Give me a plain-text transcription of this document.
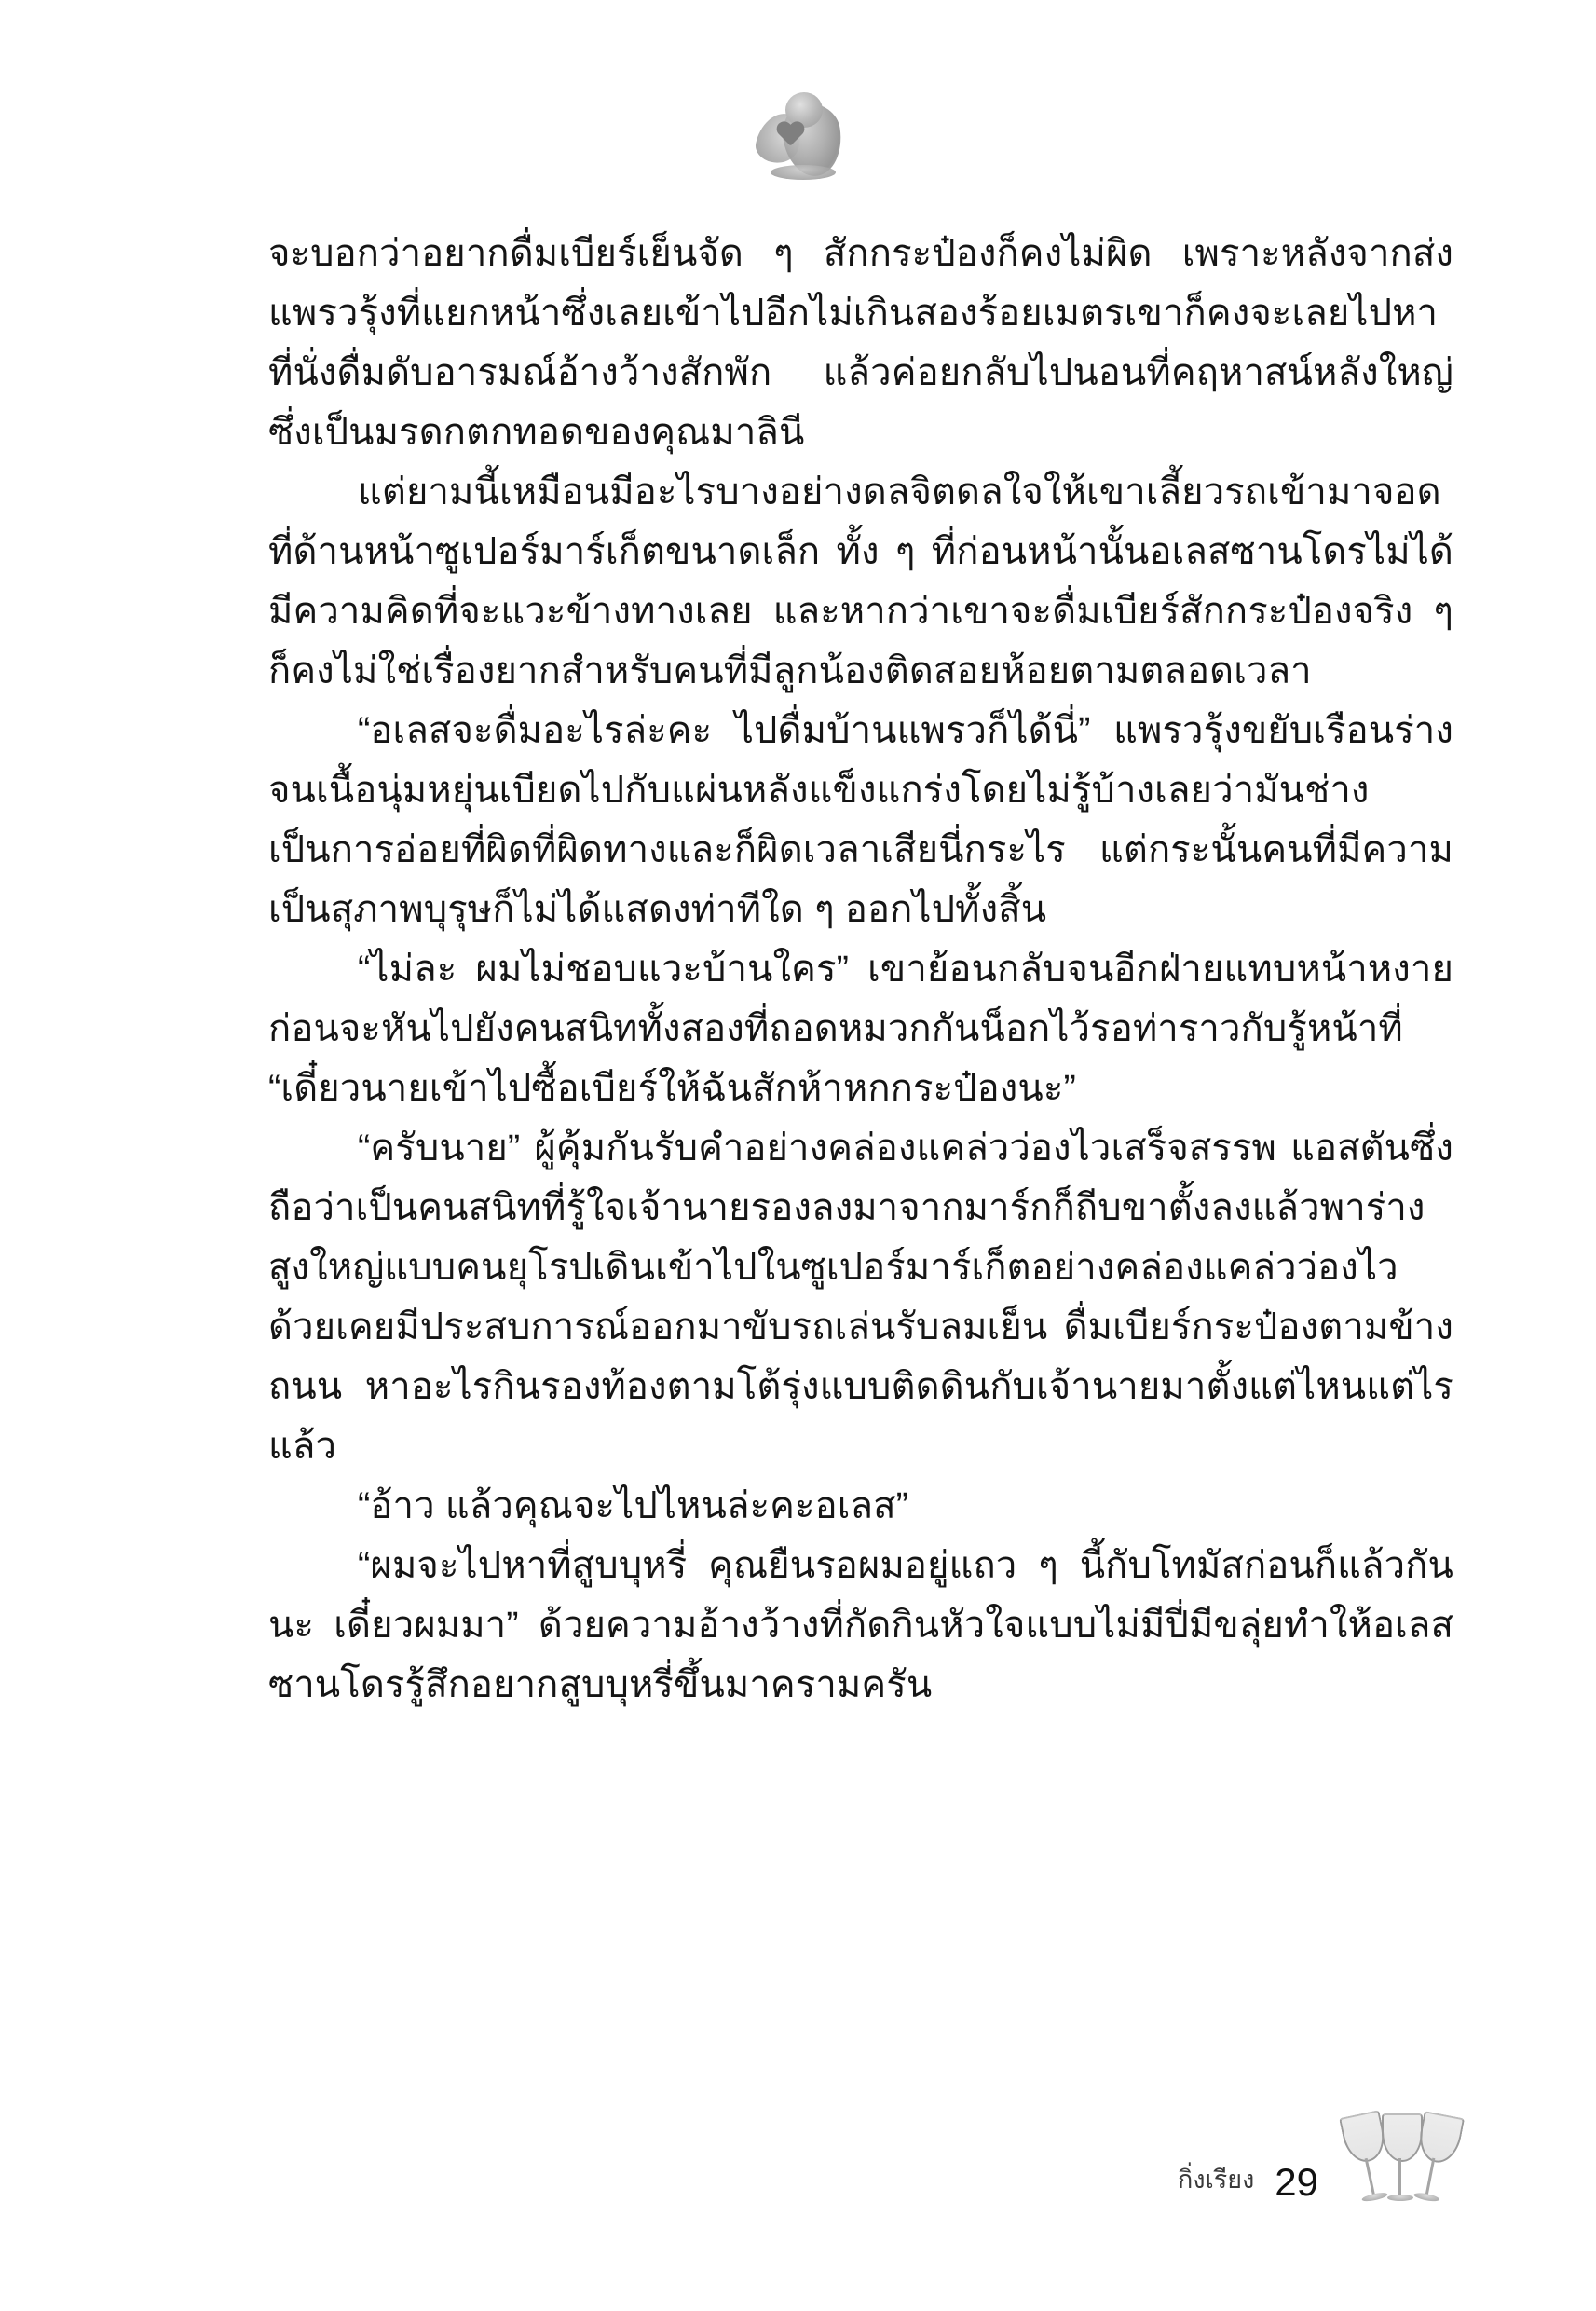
จะบอกว่าอยากดื่มเบียร์เย็นจัด ๆ สักกระป๋องก็คงไม่ผิด เพราะหลังจากส่งแพรวรุ้งที่แยกหน้าซึ่งเลยเข้าไปอีกไม่เกินสองร้อยเมตรเขาก็คงจะเลยไปหาที่นั่งดื่มดับอารมณ์อ้างว้างสักพัก แล้วค่อยกลับไปนอนที่คฤหาสน์หลังใหญ่ซึ่งเป็นมรดกตกทอดของคุณมาลินี

แต่ยามนี้เหมือนมีอะไรบางอย่างดลจิตดลใจให้เขาเลี้ยวรถเข้ามาจอดที่ด้านหน้าซูเปอร์มาร์เก็ตขนาดเล็ก ทั้ง ๆ ที่ก่อนหน้านั้นอเลสซานโดรไม่ได้มีความคิดที่จะแวะข้างทางเลย และหากว่าเขาจะดื่มเบียร์สักกระป๋องจริง ๆ ก็คงไม่ใช่เรื่องยากสำหรับคนที่มีลูกน้องติดสอยห้อยตามตลอดเวลา

“อเลสจะดื่มอะไรล่ะคะ ไปดื่มบ้านแพรวก็ได้นี่” แพรวรุ้งขยับเรือนร่างจนเนื้อนุ่มหยุ่นเบียดไปกับแผ่นหลังแข็งแกร่งโดยไม่รู้บ้างเลยว่ามันช่างเป็นการอ่อยที่ผิดที่ผิดทางและก็ผิดเวลาเสียนี่กระไร แต่กระนั้นคนที่มีความเป็นสุภาพบุรุษก็ไม่ได้แสดงท่าทีใด ๆ ออกไปทั้งสิ้น

“ไม่ละ ผมไม่ชอบแวะบ้านใคร” เขาย้อนกลับจนอีกฝ่ายแทบหน้าหงาย ก่อนจะหันไปยังคนสนิททั้งสองที่ถอดหมวกกันน็อกไว้รอท่าราวกับรู้หน้าที่ “เดี๋ยวนายเข้าไปซื้อเบียร์ให้ฉันสักห้าหกกระป๋องนะ”

“ครับนาย” ผู้คุ้มกันรับคำอย่างคล่องแคล่วว่องไวเสร็จสรรพ แอสตันซึ่งถือว่าเป็นคนสนิทที่รู้ใจเจ้านายรองลงมาจากมาร์กก็ถีบขาตั้งลงแล้วพาร่างสูงใหญ่แบบคนยุโรปเดินเข้าไปในซูเปอร์มาร์เก็ตอย่างคล่องแคล่วว่องไว ด้วยเคยมีประสบการณ์ออกมาขับรถเล่นรับลมเย็น ดื่มเบียร์กระป๋องตามข้างถนน หาอะไรกินรองท้องตามโต้รุ่งแบบติดดินกับเจ้านายมาตั้งแต่ไหนแต่ไรแล้ว

“อ้าว แล้วคุณจะไปไหนล่ะคะอเลส”

“ผมจะไปหาที่สูบบุหรี่ คุณยืนรอผมอยู่แถว ๆ นี้กับโทมัสก่อนก็แล้วกันนะ เดี๋ยวผมมา” ด้วยความอ้างว้างที่กัดกินหัวใจแบบไม่มีปี่มีขลุ่ยทำให้อเลสซานโดรรู้สึกอยากสูบบุหรี่ขึ้นมาครามครัน

กิ่งเรียง 29
